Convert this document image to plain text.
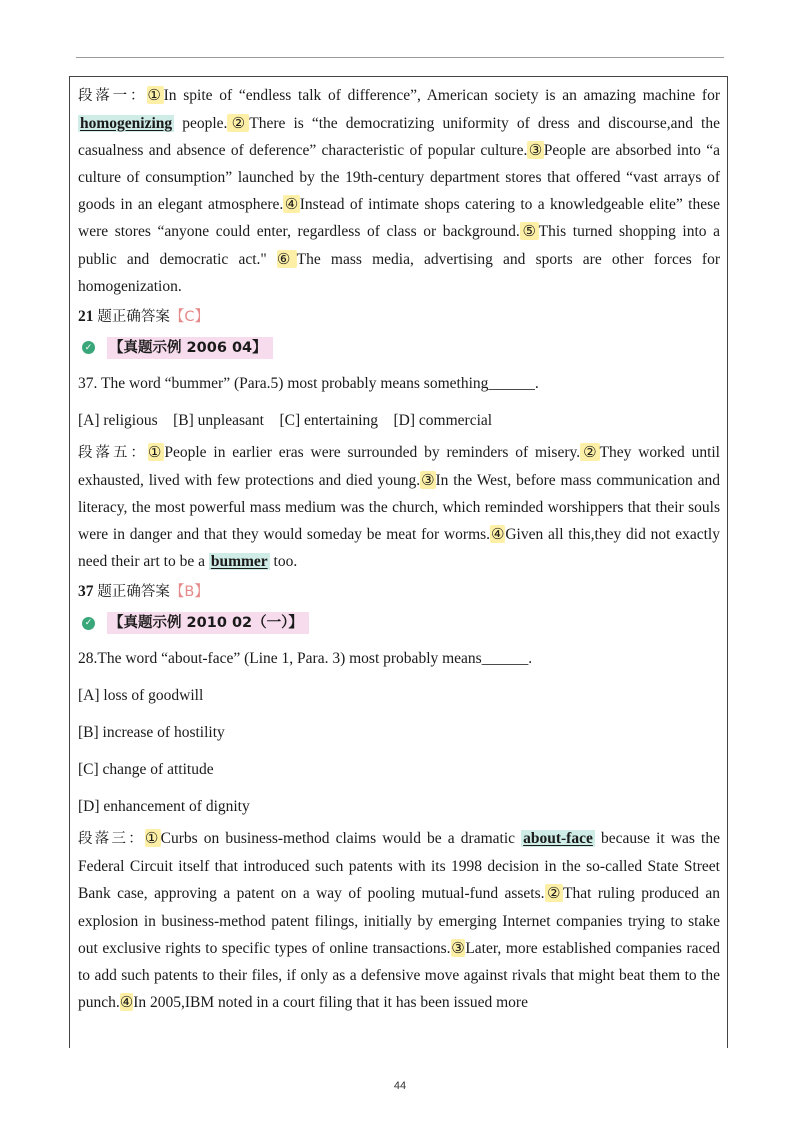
段落一：①In spite of “endless talk of difference”, American society is an amazing machine for homogenizing people.②There is “the democratizing uniformity of dress and discourse,and the casualness and absence of deference” characteristic of popular culture.③People are absorbed into “a culture of consumption” launched by the 19th-century department stores that offered “vast arrays of goods in an elegant atmosphere.④Instead of intimate shops catering to a knowledgeable elite” these were stores “anyone could enter, regardless of class or background.⑤This turned shopping into a public and democratic act." ⑥The mass media, advertising and sports are other forces for homogenization.

21 题正确答案【C】

✓ 【真题示例 2006 04】

37. The word “bummer” (Para.5) most probably means something______.

[A] religious    [B] unpleasant    [C] entertaining    [D] commercial

段落五：①People in earlier eras were surrounded by reminders of misery.②They worked until exhausted, lived with few protections and died young.③In the West, before mass communication and literacy, the most powerful mass medium was the church, which reminded worshippers that their souls were in danger and that they would someday be meat for worms.④Given all this,they did not exactly need their art to be a bummer too.

37 题正确答案【B】

✓ 【真题示例 2010 02（一）】

28.The word “about-face” (Line 1, Para. 3) most probably means______.

[A] loss of goodwill

[B] increase of hostility

[C] change of attitude

[D] enhancement of dignity

段落三：①Curbs on business-method claims would be a dramatic about-face because it was the Federal Circuit itself that introduced such patents with its 1998 decision in the so-called State Street Bank case, approving a patent on a way of pooling mutual-fund assets.②That ruling produced an explosion in business-method patent filings, initially by emerging Internet companies trying to stake out exclusive rights to specific types of online transactions.③Later, more established companies raced to add such patents to their files, if only as a defensive move against rivals that might beat them to the punch.④In 2005,IBM noted in a court filing that it has been issued more

44
